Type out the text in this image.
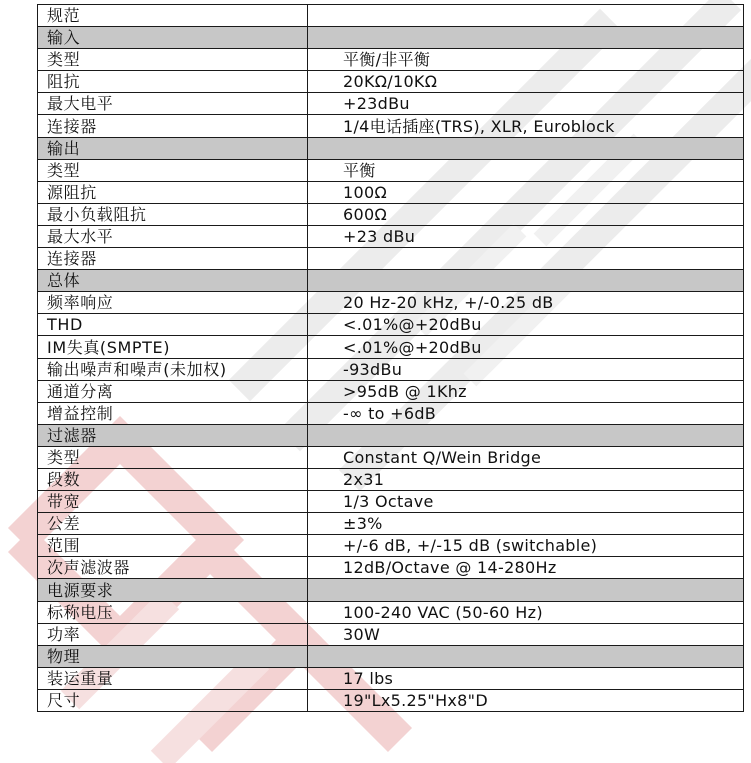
规范	
输入	
类型	平衡/非平衡
阻抗	20KΩ/10KΩ
最大电平	+23dBu
连接器	1/4电话插座(TRS), XLR, Euroblock
输出	
类型	平衡
源阻抗	100Ω
最小负载阻抗	600Ω
最大水平	+23 dBu
连接器	
总体	
频率响应	20 Hz-20 kHz, +/-0.25 dB
THD	<.01%@+20dBu
IM失真(SMPTE)	<.01%@+20dBu
输出噪声和噪声(未加权)	-93dBu
通道分离	>95dB @ 1Khz
增益控制	-∞ to +6dB
过滤器	
类型	Constant Q/Wein Bridge
段数	2x31
带宽	1/3 Octave
公差	±3%
范围	+/-6 dB, +/-15 dB (switchable)
次声滤波器	12dB/Octave @ 14-280Hz
电源要求	
标称电压	100-240 VAC (50-60 Hz)
功率	30W
物理	
装运重量	17 lbs
尺寸	19"Lx5.25"Hx8"D
